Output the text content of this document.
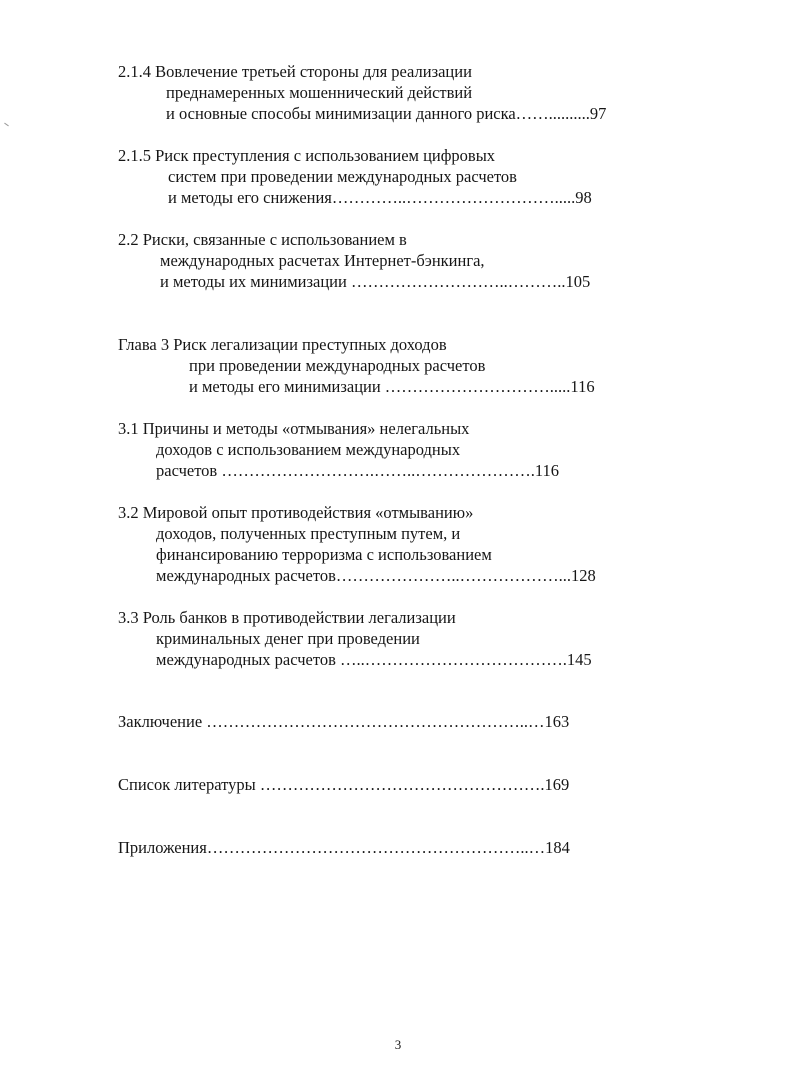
2.1.4 Вовлечение третьей стороны для реализации

преднамеренных мошеннический действий

и основные способы минимизации данного риска……..........97

2.1.5 Риск преступления с использованием цифровых

систем при проведении международных расчетов

и методы его снижения…………..……………………….....98

2.2 Риски, связанные с использованием в

международных расчетах Интернет-бэнкинга,

и методы их минимизации ………………………..………..105

Глава 3 Риск легализации преступных доходов

при проведении международных расчетов

и методы его минимизации ………………………….....116

3.1 Причины и методы «отмывания» нелегальных

доходов с использованием международных

расчетов ……………………….……..………………….116

3.2 Мировой опыт противодействия «отмыванию»

доходов, полученных преступным путем, и

финансированию терроризма с использованием

международных расчетов…………………..………………...128

3.3 Роль банков в противодействии легализации

криминальных денег при проведении

международных расчетов …..……………………………….145

Заключение …………………………………………………..…163

Список литературы …………………………………………….169

Приложения…………………………………………………..…184

3
